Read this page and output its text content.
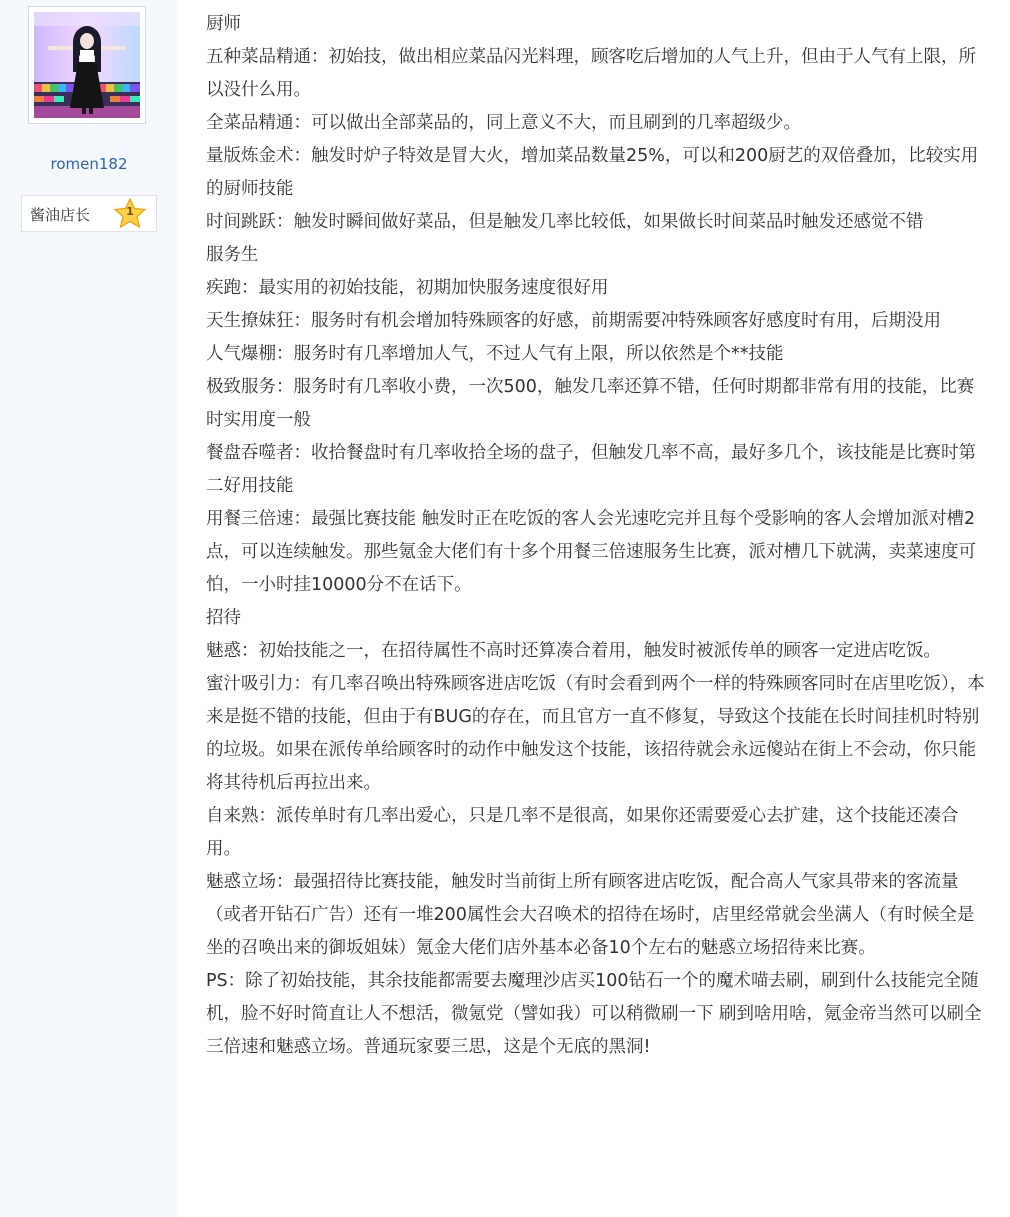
romen182
酱油店长	1

厨师

五种菜品精通：初始技，做出相应菜品闪光料理，顾客吃后增加的人气上升，但由于人气有上限，所以没什么用。

全菜品精通：可以做出全部菜品的，同上意义不大，而且刷到的几率超级少。

量版炼金术：触发时炉子特效是冒大火，增加菜品数量25%，可以和200厨艺的双倍叠加，比较实用的厨师技能

时间跳跃：触发时瞬间做好菜品，但是触发几率比较低，如果做长时间菜品时触发还感觉不错

服务生

疾跑：最实用的初始技能，初期加快服务速度很好用

天生撩妹狂：服务时有机会增加特殊顾客的好感，前期需要冲特殊顾客好感度时有用，后期没用

人气爆棚：服务时有几率增加人气，不过人气有上限，所以依然是个**技能

极致服务：服务时有几率收小费，一次500，触发几率还算不错，任何时期都非常有用的技能，比赛时实用度一般

餐盘吞噬者：收拾餐盘时有几率收拾全场的盘子，但触发几率不高，最好多几个，该技能是比赛时第二好用技能

用餐三倍速：最强比赛技能 触发时正在吃饭的客人会光速吃完并且每个受影响的客人会增加派对槽2点，可以连续触发。那些氪金大佬们有十多个用餐三倍速服务生比赛，派对槽几下就满，卖菜速度可怕，一小时挂10000分不在话下。

招待

魅惑：初始技能之一，在招待属性不高时还算凑合着用，触发时被派传单的顾客一定进店吃饭。

蜜汁吸引力：有几率召唤出特殊顾客进店吃饭（有时会看到两个一样的特殊顾客同时在店里吃饭），本来是挺不错的技能，但由于有BUG的存在，而且官方一直不修复，导致这个技能在长时间挂机时特别的垃圾。如果在派传单给顾客时的动作中触发这个技能，该招待就会永远傻站在街上不会动，你只能将其待机后再拉出来。

自来熟：派传单时有几率出爱心，只是几率不是很高，如果你还需要爱心去扩建，这个技能还凑合用。

魅惑立场：最强招待比赛技能，触发时当前街上所有顾客进店吃饭，配合高人气家具带来的客流量（或者开钻石广告）还有一堆200属性会大召唤术的招待在场时，店里经常就会坐满人（有时候全是坐的召唤出来的御坂姐妹）氪金大佬们店外基本必备10个左右的魅惑立场招待来比赛。

PS：除了初始技能，其余技能都需要去魔理沙店买100钻石一个的魔术喵去刷，刷到什么技能完全随机，脸不好时简直让人不想活，微氪党（譬如我）可以稍微刷一下 刷到啥用啥，氪金帝当然可以刷全三倍速和魅惑立场。普通玩家要三思，这是个无底的黑洞!
